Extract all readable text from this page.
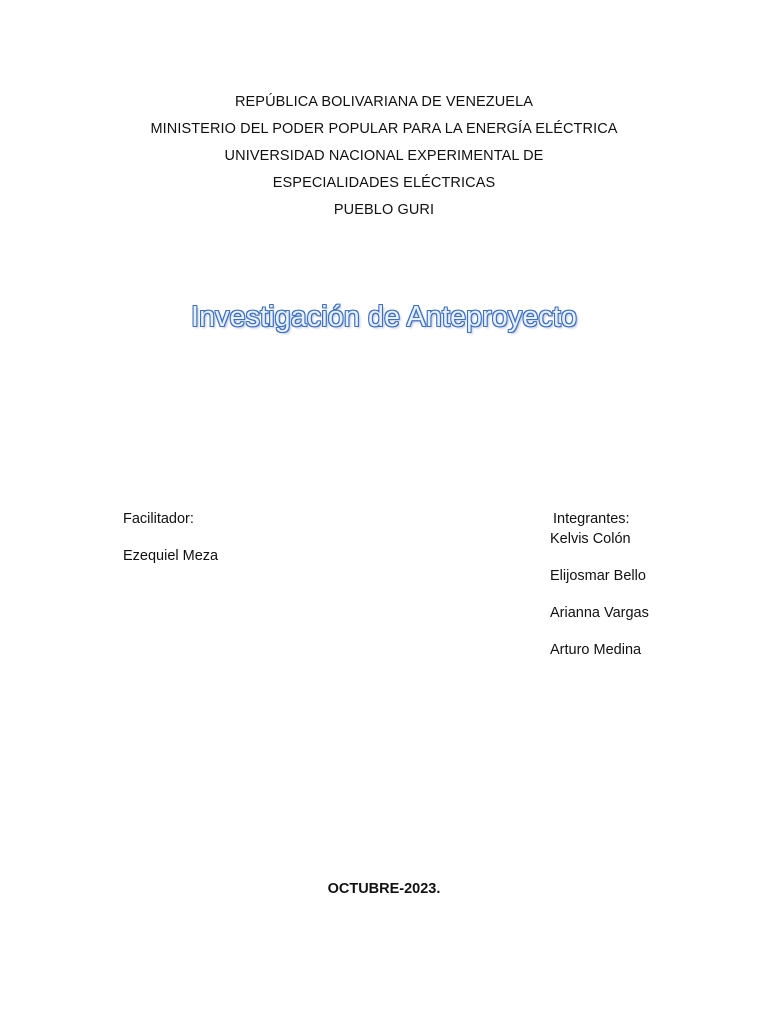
REPÚBLICA BOLIVARIANA DE VENEZUELA
MINISTERIO DEL PODER POPULAR PARA LA ENERGÍA ELÉCTRICA
UNIVERSIDAD NACIONAL EXPERIMENTAL DE
ESPECIALIDADES ELÉCTRICAS
PUEBLO GURI
Investigación de Anteproyecto
Facilitador:
Ezequiel Meza
Integrantes:
Kelvis Colón
Elijosmar Bello
Arianna Vargas
Arturo Medina
OCTUBRE-2023.
